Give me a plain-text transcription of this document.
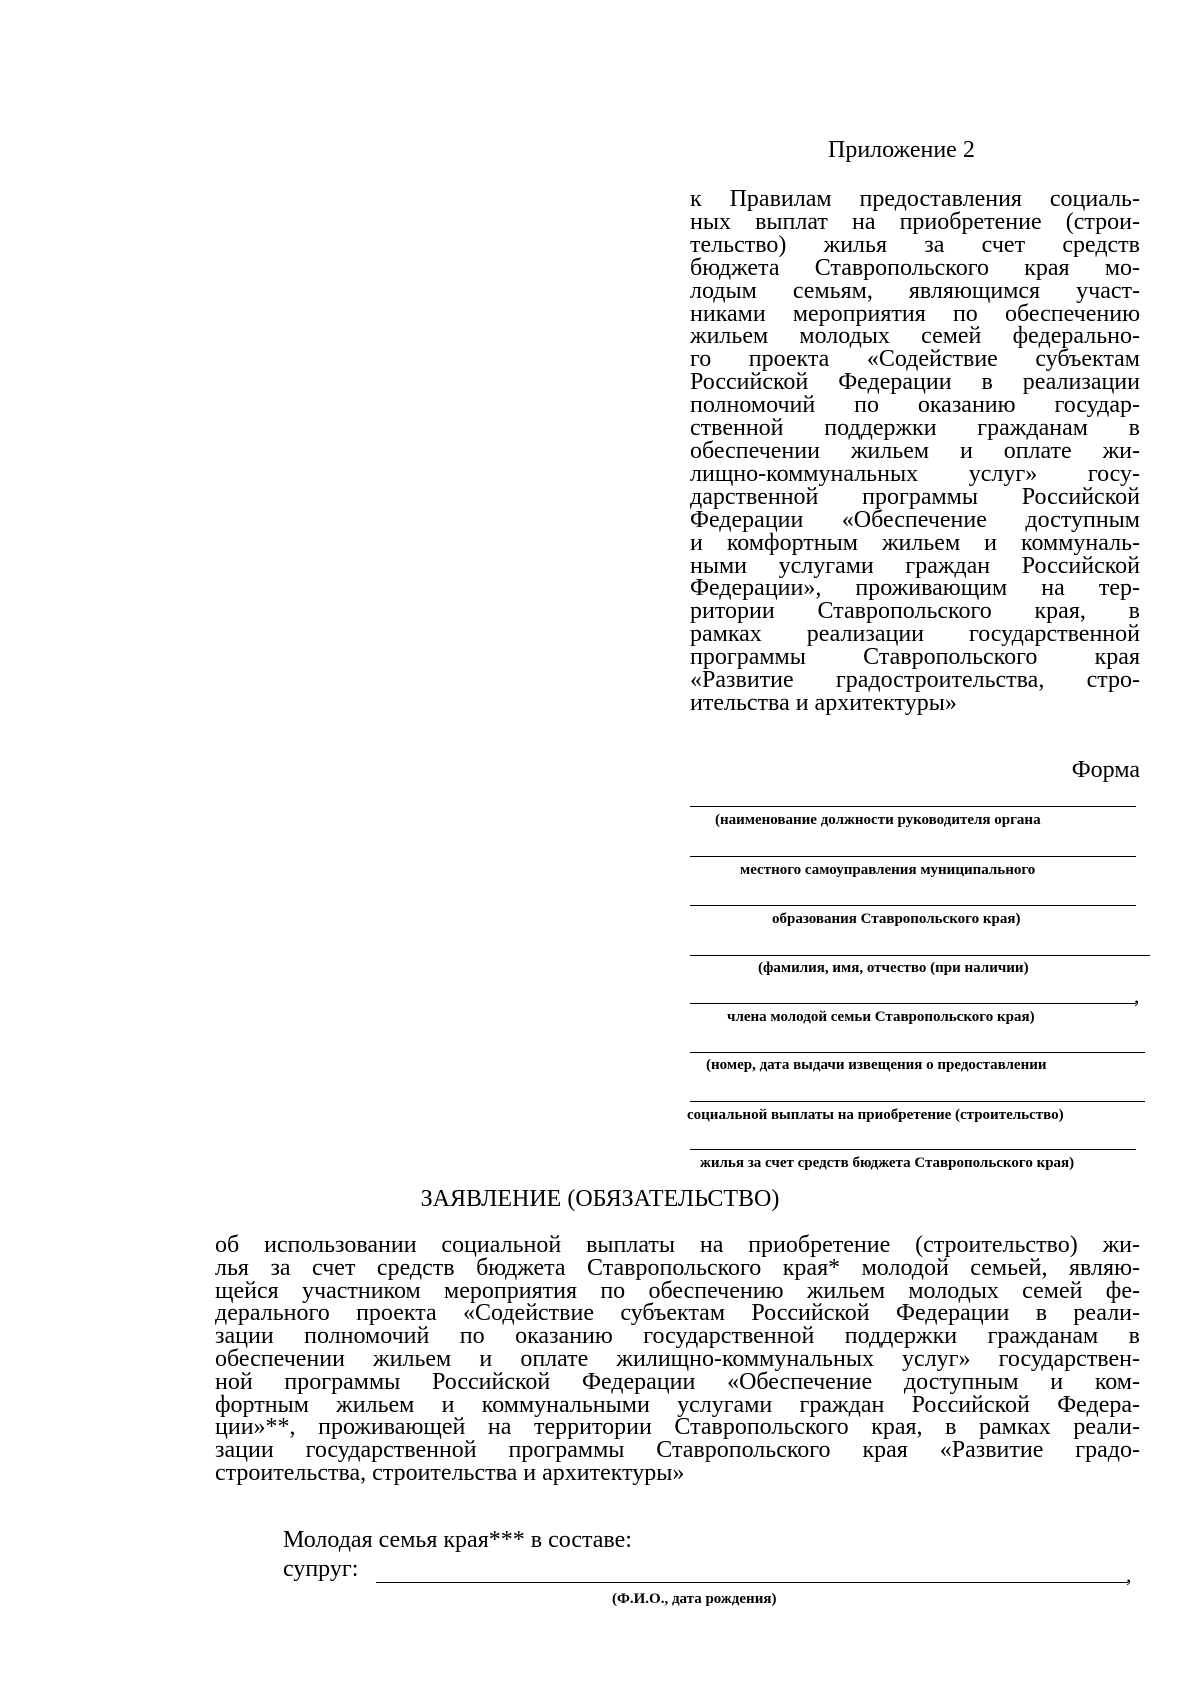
Приложение 2
к Правилам предоставления социаль-
ных выплат на приобретение (строи-
тельство) жилья за счет средств
бюджета Ставропольского края мо-
лодым семьям, являющимся участ-
никами мероприятия по обеспечению
жильем молодых семей федерально-
го проекта «Содействие субъектам
Российской Федерации в реализации
полномочий по оказанию государ-
ственной поддержки гражданам в
обеспечении жильем и оплате жи-
лищно-коммунальных услуг» госу-
дарственной программы Российской
Федерации «Обеспечение доступным
и комфортным жильем и коммуналь-
ными услугами граждан Российской
Федерации», проживающим на тер-
ритории Ставропольского края, в
рамках реализации государственной
программы Ставропольского края
«Развитие градостроительства, стро-
ительства и архитектуры»
Форма
(наименование должности руководителя органа
местного самоуправления муниципального
образования Ставропольского края)
(фамилия, имя, отчество (при наличии)
,
члена молодой семьи Ставропольского края)
(номер, дата выдачи извещения о предоставлении
социальной выплаты на приобретение (строительство)
жилья за счет средств бюджета Ставропольского края)
ЗАЯВЛЕНИЕ (ОБЯЗАТЕЛЬСТВО)
об использовании социальной выплаты на приобретение (строительство) жи-
лья за счет средств бюджета Ставропольского края* молодой семьей, являю-
щейся участником мероприятия по обеспечению жильем молодых семей фе-
дерального проекта «Содействие субъектам Российской Федерации в реали-
зации полномочий по оказанию государственной поддержки гражданам в
обеспечении жильем и оплате жилищно-коммунальных услуг» государствен-
ной программы Российской Федерации «Обеспечение доступным и ком-
фортным жильем и коммунальными услугами граждан Российской Федера-
ции»**, проживающей на территории Ставропольского края, в рамках реали-
зации государственной программы Ставропольского края «Развитие градо-
строительства, строительства и архитектуры»
Молодая семья края*** в составе:
супруг:	,
(Ф.И.О., дата рождения)
